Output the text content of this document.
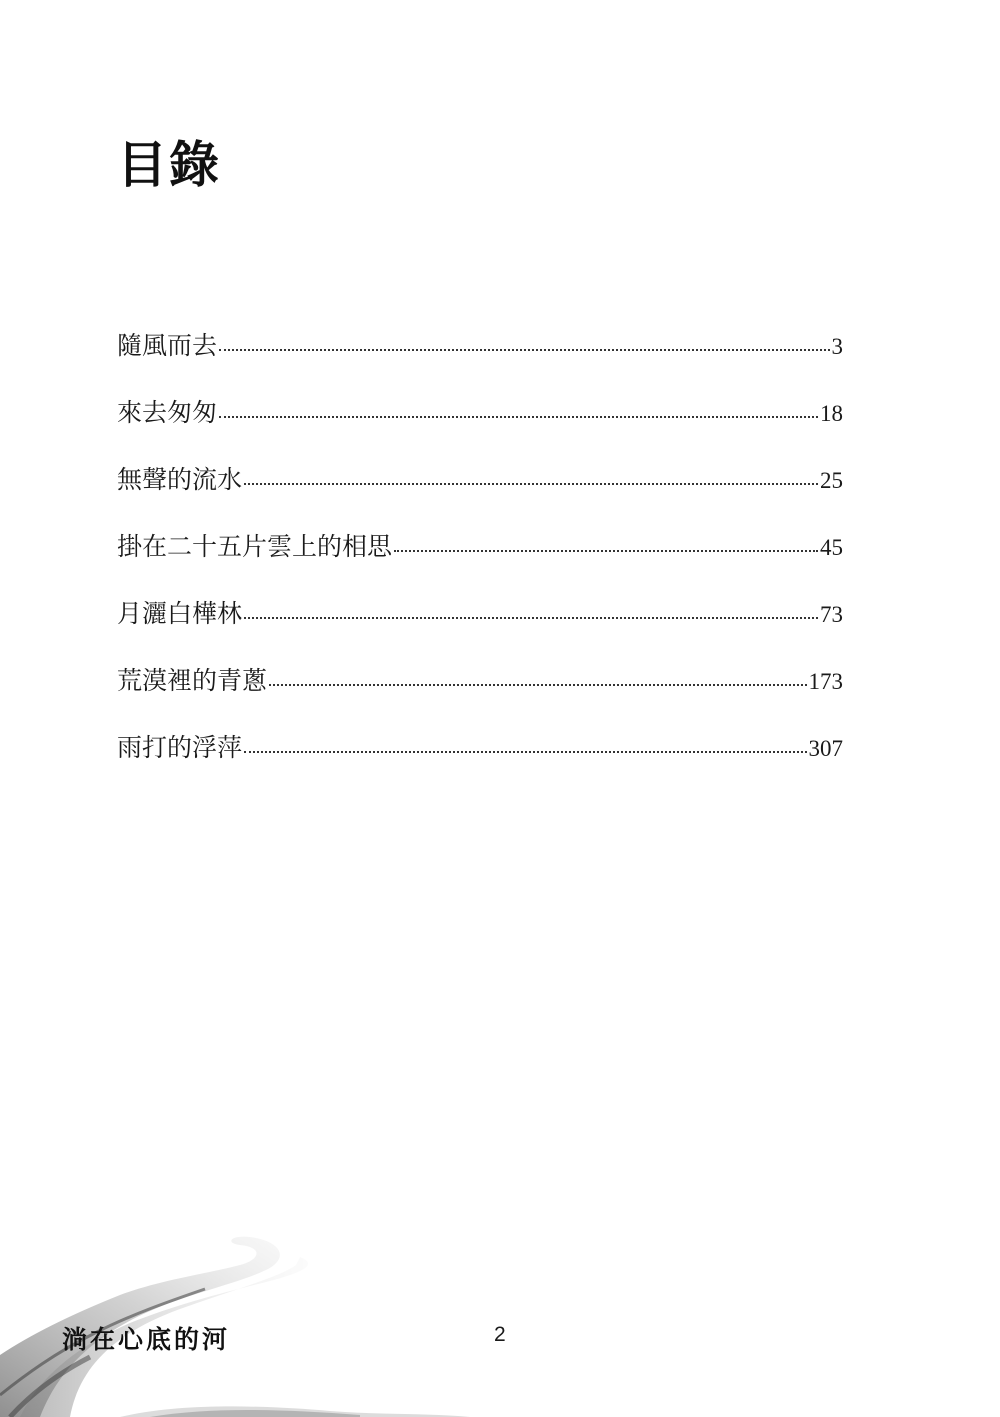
目錄
隨風而去	3
來去匆匆	18
無聲的流水	25
掛在二十五片雲上的相思	45
月灑白樺林	73
荒漠裡的青蔥	173
雨打的浮萍	307
淌在心底的河	2
